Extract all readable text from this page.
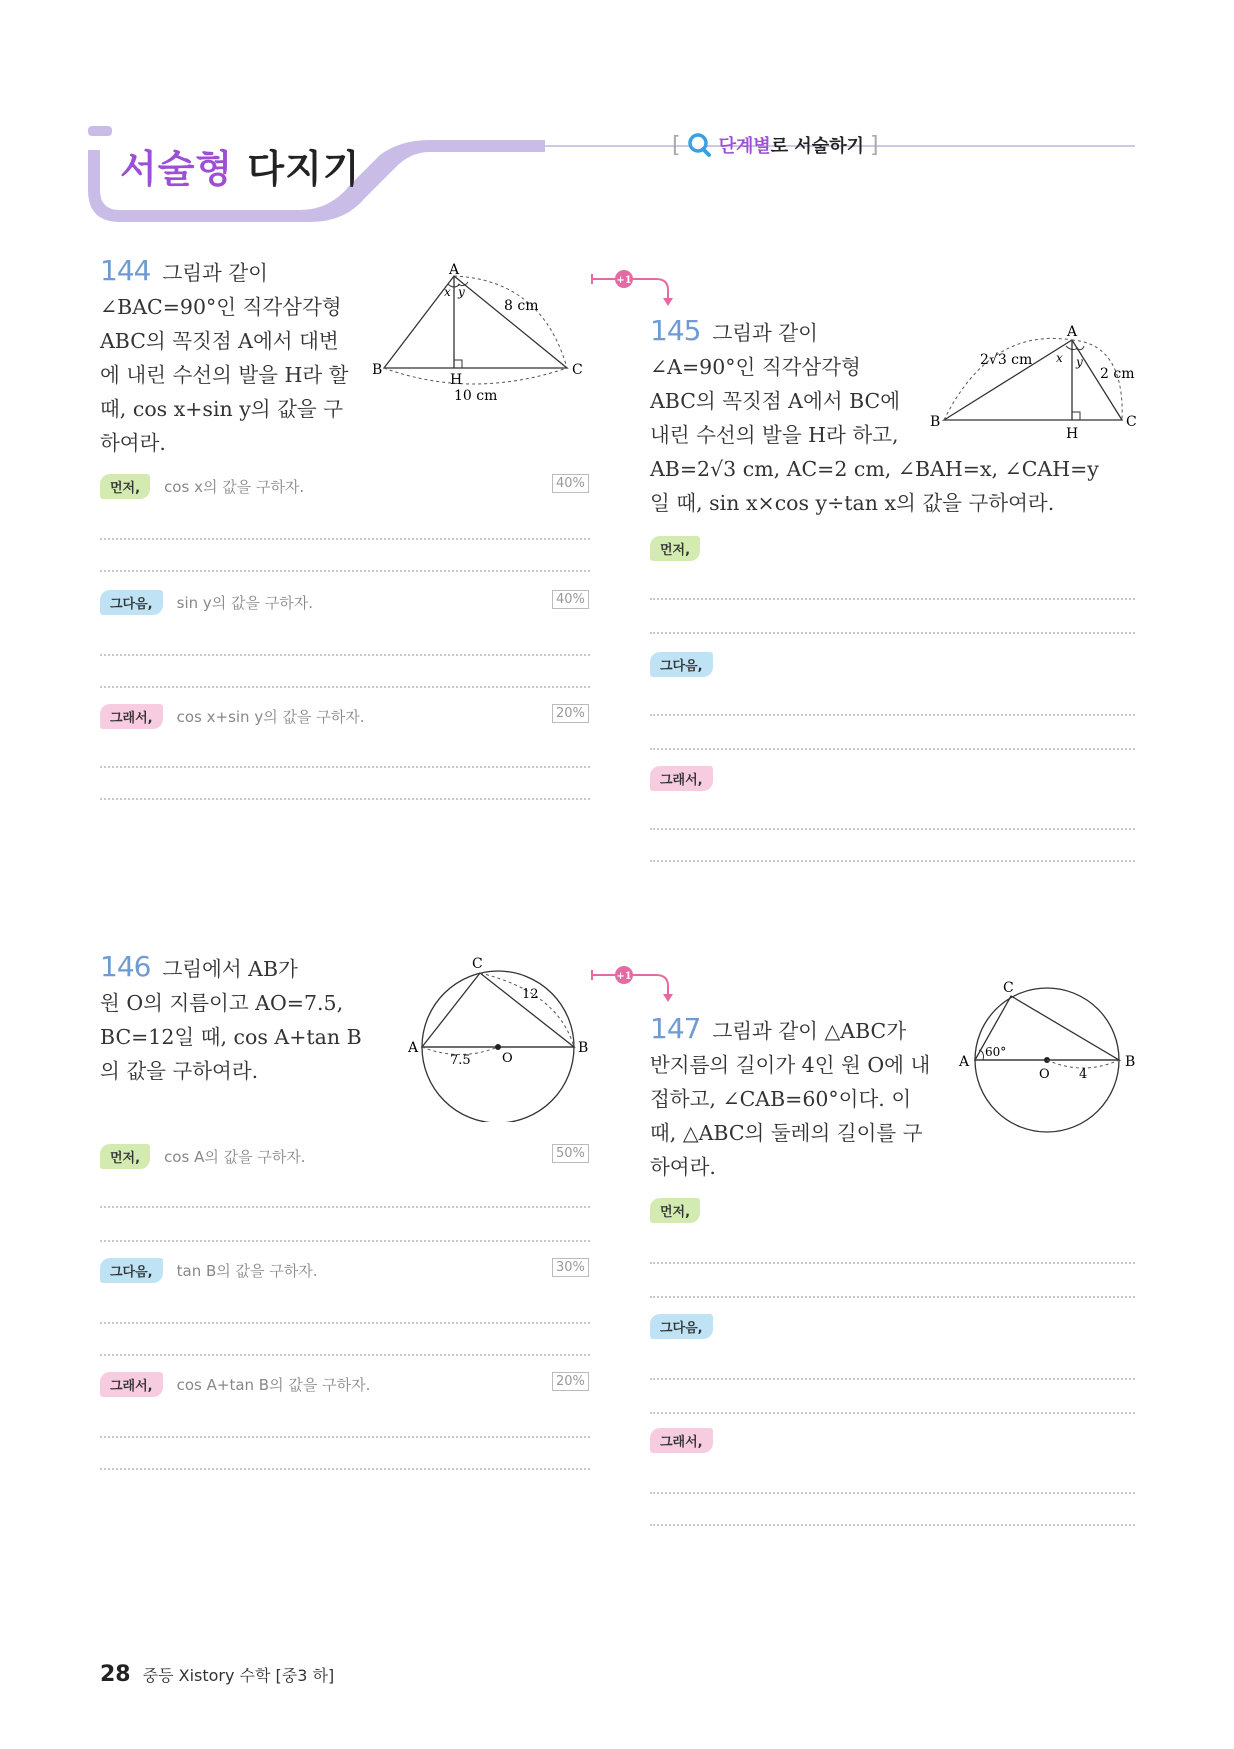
서술형 다지기
[ 단계별로 서술하기 ]
144 그림과 같이
∠BAC=90°인 직각삼각형
ABC의 꼭짓점 A에서 대변
에 내린 수선의 발을 H라 할
때, cos x+sin y의 값을 구
하여라.
A
B	C
H
x y
8 cm
10 cm
먼저,	cos x의 값을 구하자.	40%
그다음,	sin y의 값을 구하자.	40%
그래서,	cos x+sin y의 값을 구하자.	20%
+1
145 그림과 같이
∠A=90°인 직각삼각형
ABC의 꼭짓점 A에서 BC에
내린 수선의 발을 H라 하고,
AB=2√3 cm, AC=2 cm, ∠BAH=x, ∠CAH=y
일 때, sin x×cos y÷tan x의 값을 구하여라.
A
B	C
H
x y
2√3 cm
2 cm
먼저,
그다음,
그래서,
146 그림에서 AB가
원 O의 지름이고 AO=7.5,
BC=12일 때, cos A+tan B
의 값을 구하여라.
C
A	B
O
7.5
12
먼저,	cos A의 값을 구하자.	50%
그다음,	tan B의 값을 구하자.	30%
그래서,	cos A+tan B의 값을 구하자.	20%
+1
147 그림과 같이 △ABC가
반지름의 길이가 4인 원 O에 내
접하고, ∠CAB=60°이다. 이
때, △ABC의 둘레의 길이를 구
하여라.
C
A	B
O
60°
4
먼저,
그다음,
그래서,
28 중등 Xistory 수학 [중3 하]
